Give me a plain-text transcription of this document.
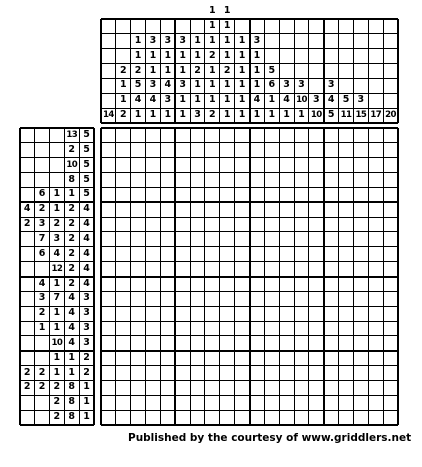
14
2
1
1
2
1
1
2
5
4
1
3
1
1
3
4
1
3
1
1
4
3
1
3
1
1
3
1
1
1
1
2
1
1
3
1
1
1
2
1
1
1
2
1
1
1
1
2
1
1
1
1
1
1
1
1
1
3
1
1
1
4
1
5
6
1
1
3
4
1
3
10
1
3
10
3
4
5
5
11
3
15 17 20
13 5
2 5
10 5
8 5
6 1 1 5
4 2 1 2 4
2 3 2 2 4
7 3 2 4
6 4 2 4
12 2 4
4 1 2 4
3 7 4 3
2 1 4 3
1 1 4 3
10 4 3
1 1 2
2 2 1 1 2
2 2 2 8 1
2 8 1
2 8 1
Published by the courtesy of www.griddlers.net
